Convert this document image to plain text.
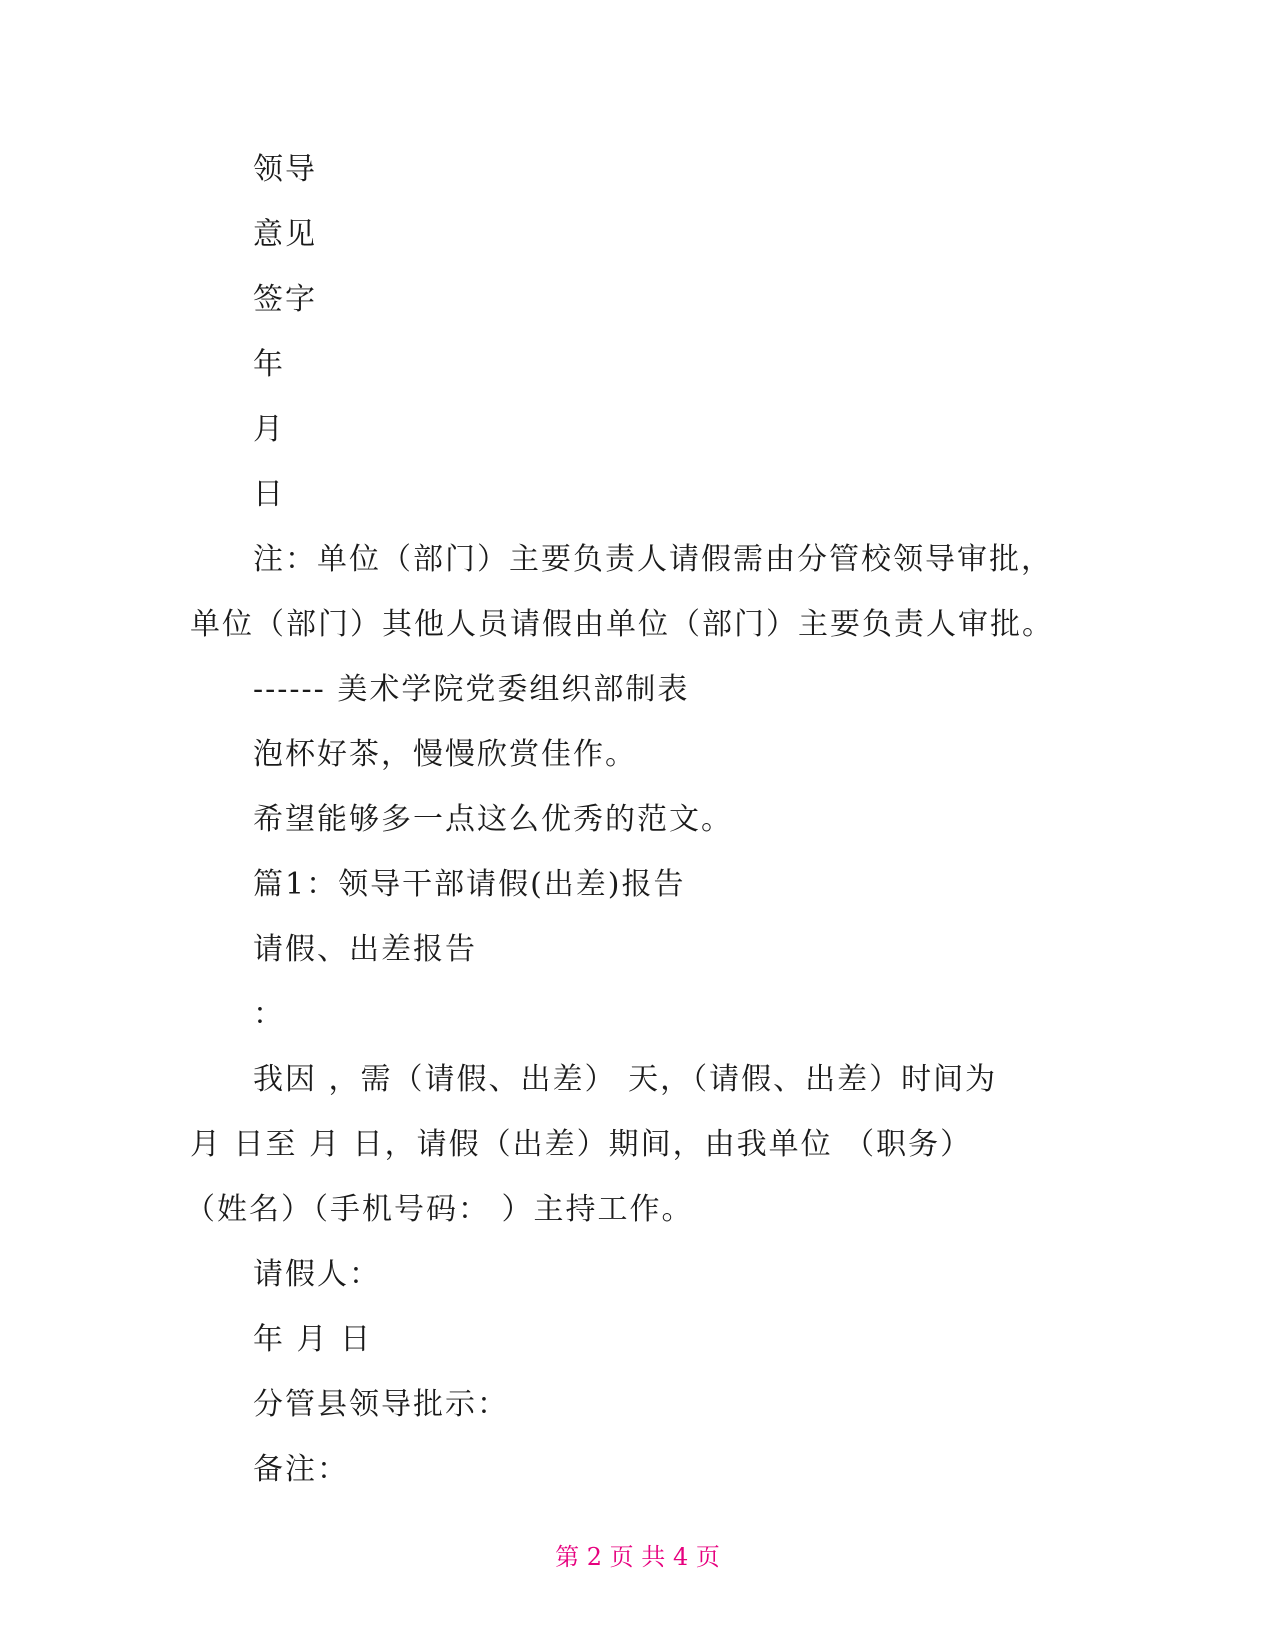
领导
意见
签字
年
月
日
注：单位（部门）主要负责人请假需由分管校领导审批，
单位（部门）其他人员请假由单位（部门）主要负责人审批。
------ 美术学院党委组织部制表
泡杯好茶，慢慢欣赏佳作。
希望能够多一点这么优秀的范文。
篇1：领导干部请假(出差)报告
请假、出差报告
：
我因 ，需（请假、出差） 天，（请假、出差）时间为
月 日至 月 日，请假（出差）期间，由我单位 （职务）
（姓名）（手机号码： ）主持工作。
请假人：
年 月 日
分管县领导批示：
备注：
第 2 页 共 4 页
